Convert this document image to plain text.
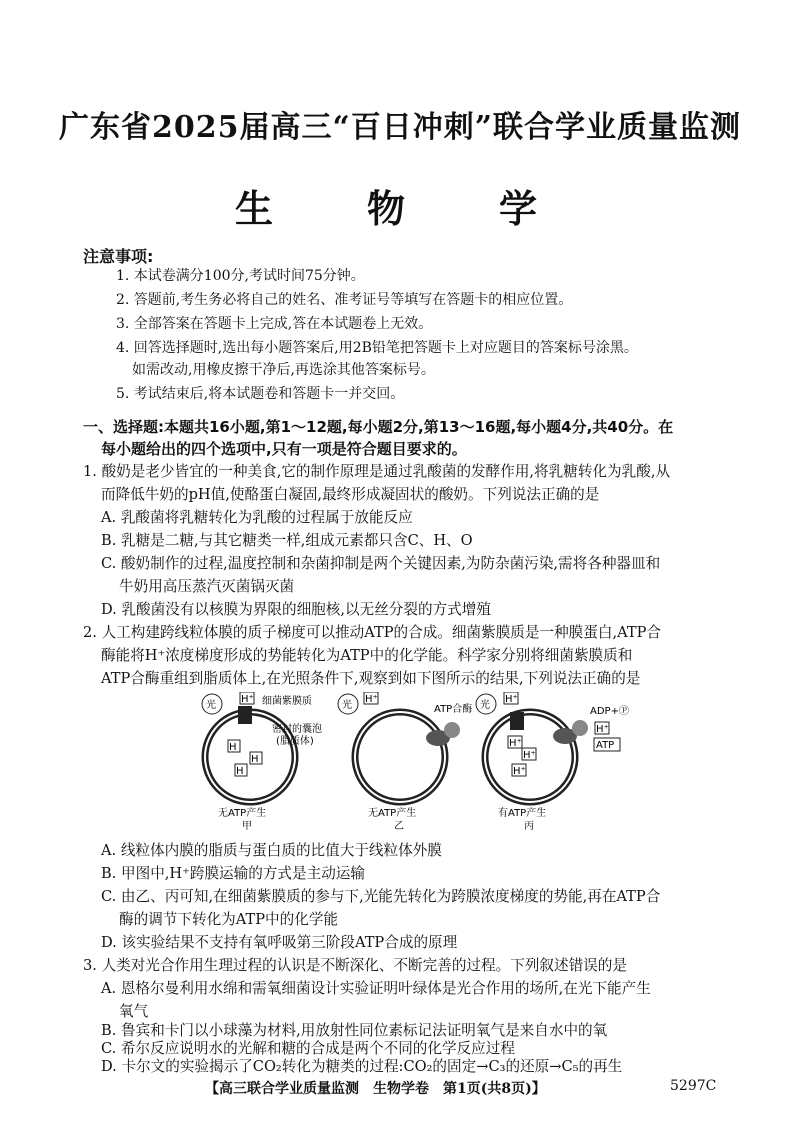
广东省2025届高三“百日冲刺”联合学业质量监测
生　物　学
注意事项:
1. 本试卷满分100分,考试时间75分钟。
2. 答题前,考生务必将自己的姓名、准考证号等填写在答题卡的相应位置。
3. 全部答案在答题卡上完成,答在本试题卷上无效。
4. 回答选择题时,选出每小题答案后,用2B铅笔把答题卡上对应题目的答案标号涂黑。
如需改动,用橡皮擦干净后,再选涂其他答案标号。
5. 考试结束后,将本试题卷和答题卡一并交回。
一、选择题:本题共16小题,第1～12题,每小题2分,第13～16题,每小题4分,共40分。在
每小题给出的四个选项中,只有一项是符合题目要求的。
1. 酸奶是老少皆宜的一种美食,它的制作原理是通过乳酸菌的发酵作用,将乳糖转化为乳酸,从
而降低牛奶的pH值,使酪蛋白凝固,最终形成凝固状的酸奶。下列说法正确的是
A. 乳酸菌将乳糖转化为乳酸的过程属于放能反应
B. 乳糖是二糖,与其它糖类一样,组成元素都只含C、H、O
C. 酸奶制作的过程,温度控制和杂菌抑制是两个关键因素,为防杂菌污染,需将各种器皿和
牛奶用高压蒸汽灭菌锅灭菌
D. 乳酸菌没有以核膜为界限的细胞核,以无丝分裂的方式增殖
2. 人工构建跨线粒体膜的质子梯度可以推动ATP的合成。细菌紫膜质是一种膜蛋白,ATP合
酶能将H⁺浓度梯度形成的势能转化为ATP中的化学能。科学家分别将细菌紫膜质和
ATP合酶重组到脂质体上,在光照条件下,观察到如下图所示的结果,下列说法正确的是
光
H⁺ 细菌紫膜质
密封的囊泡
(脂质体)
H
H
H
无ATP产生
甲
光
H⁺
ATP合酶
无ATP产生
乙
光
H⁺
ADP+Ⓟ
H⁺
ATP
H⁺
H⁺
H⁺
有ATP产生
丙
A. 线粒体内膜的脂质与蛋白质的比值大于线粒体外膜
B. 甲图中,H⁺跨膜运输的方式是主动运输
C. 由乙、丙可知,在细菌紫膜质的参与下,光能先转化为跨膜浓度梯度的势能,再在ATP合
酶的调节下转化为ATP中的化学能
D. 该实验结果不支持有氧呼吸第三阶段ATP合成的原理
3. 人类对光合作用生理过程的认识是不断深化、不断完善的过程。下列叙述错误的是
A. 恩格尔曼利用水绵和需氧细菌设计实验证明叶绿体是光合作用的场所,在光下能产生
氧气
B. 鲁宾和卡门以小球藻为材料,用放射性同位素标记法证明氧气是来自水中的氧
C. 希尔反应说明水的光解和糖的合成是两个不同的化学反应过程
【高三联合学业质量监测　生物学卷　第1页(共8页)】	5297C
D. 卡尔文的实验揭示了CO₂转化为糖类的过程:CO₂的固定→C₃的还原→C₅的再生
